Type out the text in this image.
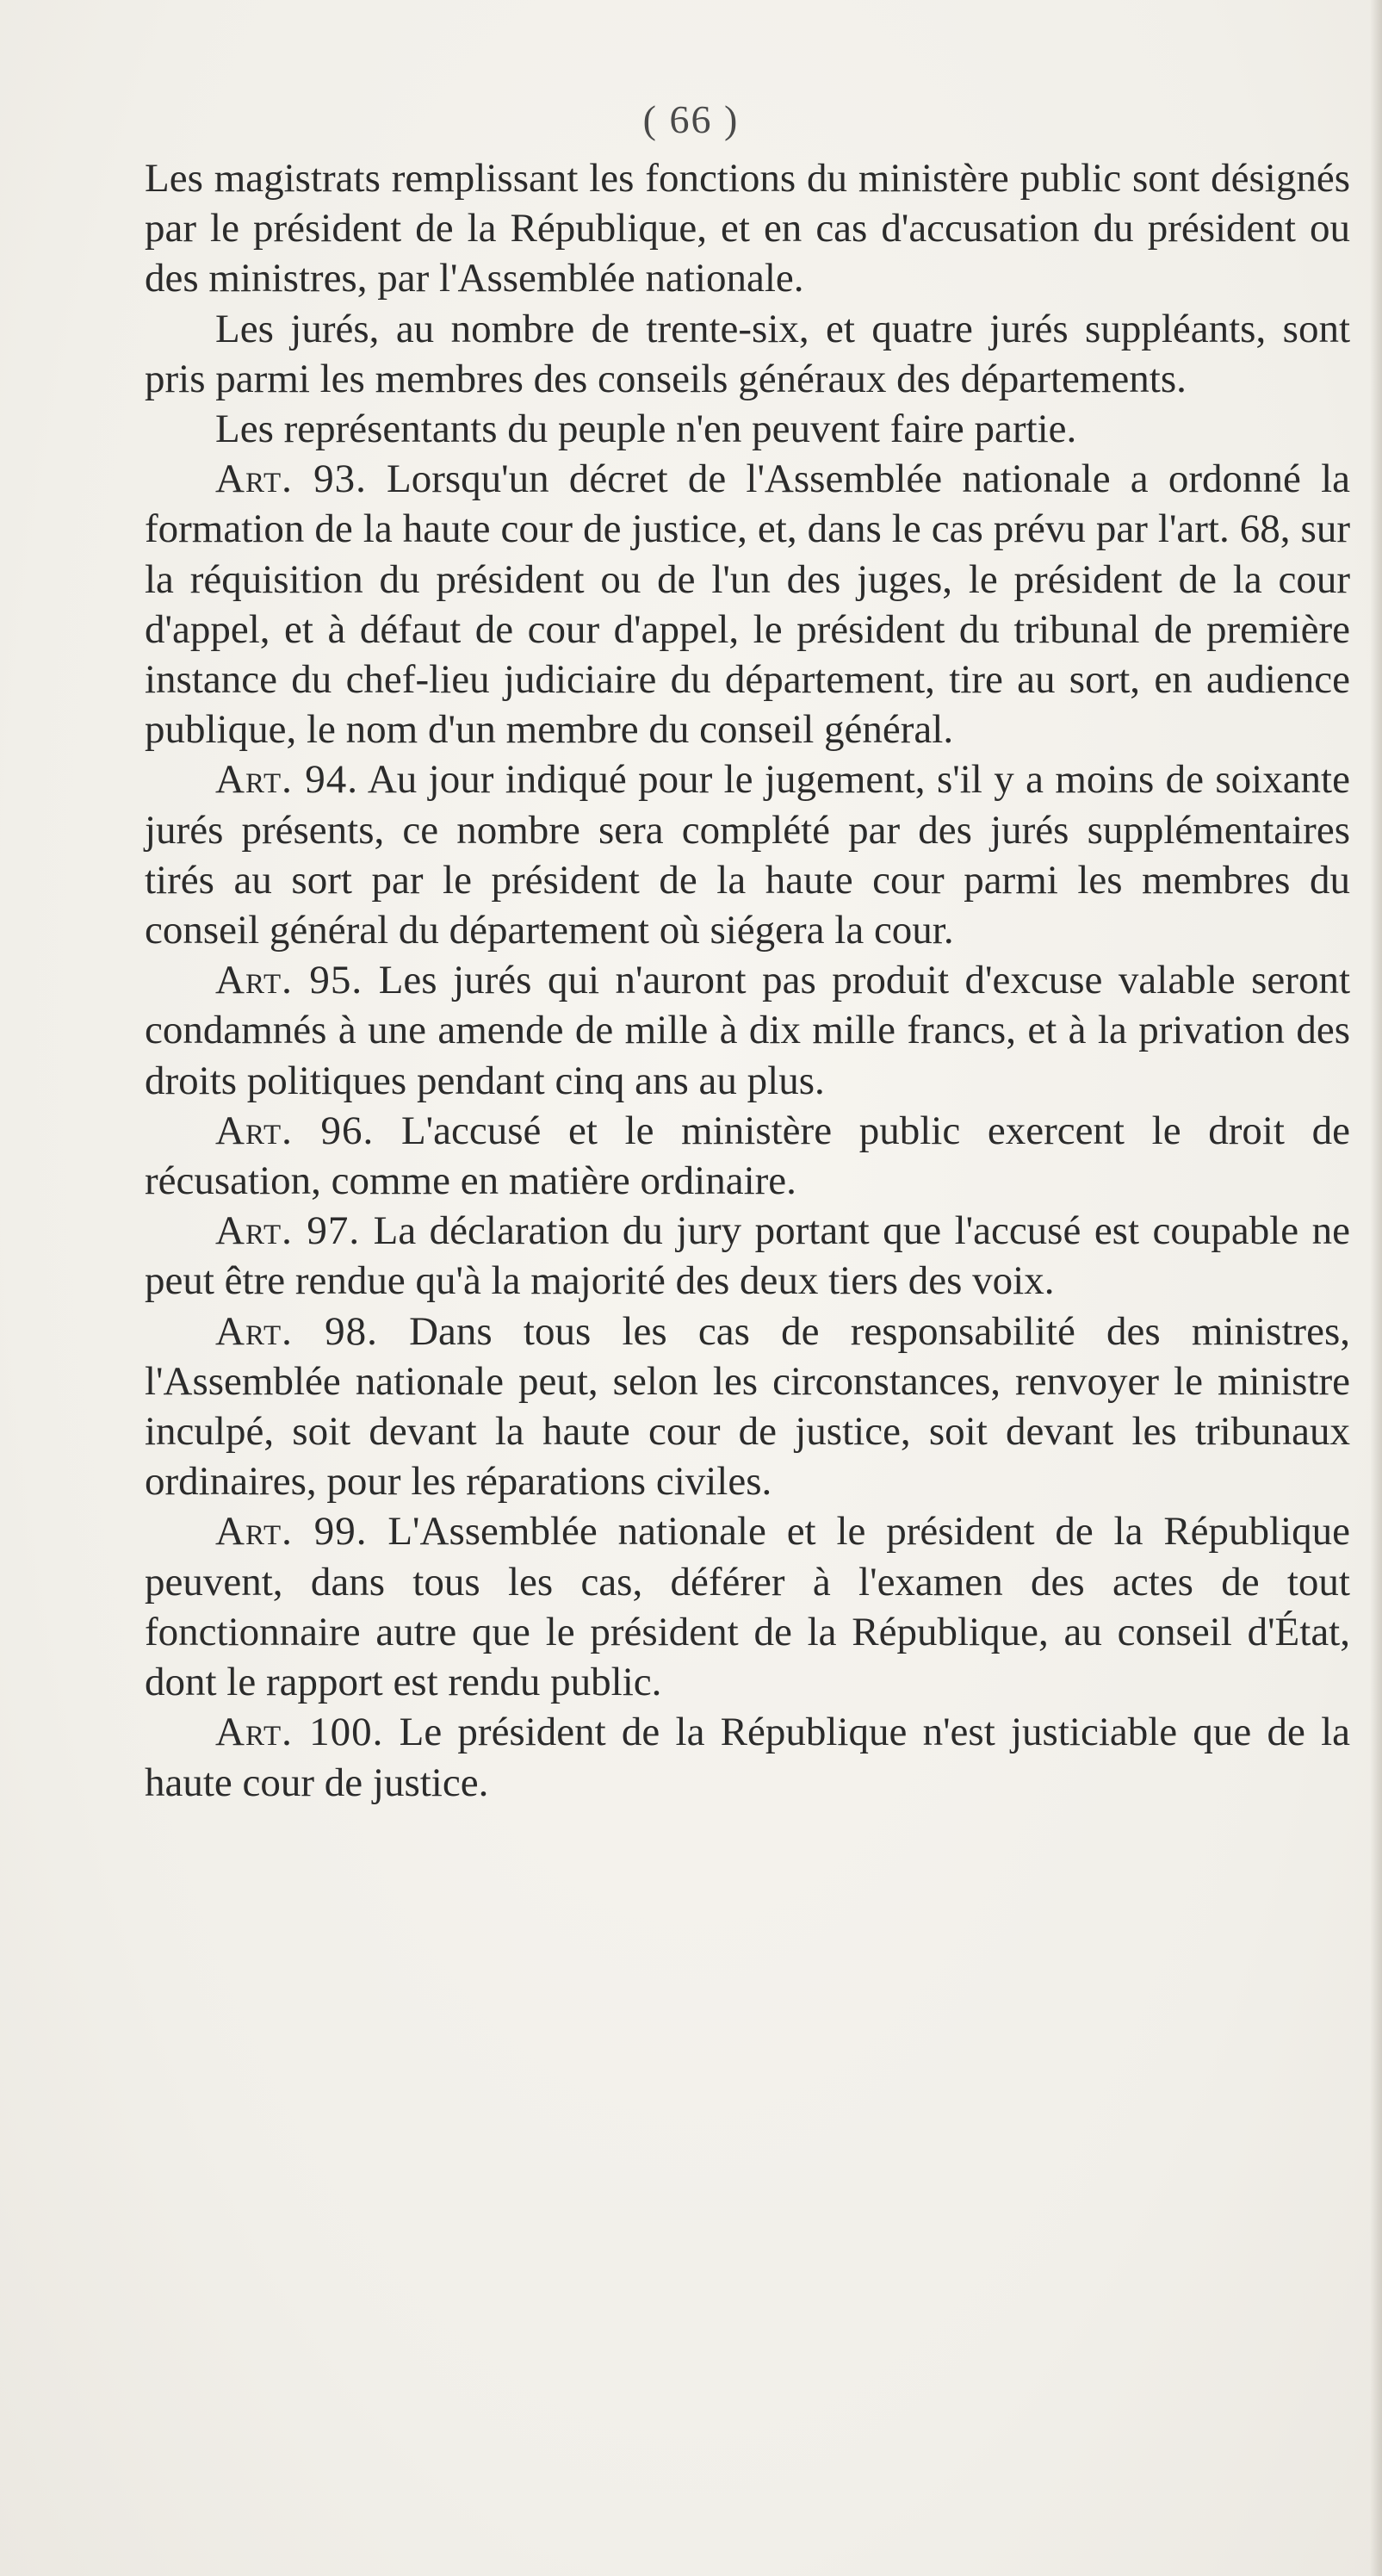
( 66 )

Les magistrats remplissant les fonctions du ministère public sont désignés par le président de la République, et en cas d'accusation du président ou des ministres, par l'Assemblée nationale.

Les jurés, au nombre de trente-six, et quatre jurés suppléants, sont pris parmi les membres des conseils généraux des départements.

Les représentants du peuple n'en peuvent faire partie.

Art. 93. Lorsqu'un décret de l'Assemblée nationale a ordonné la formation de la haute cour de justice, et, dans le cas prévu par l'art. 68, sur la réquisition du président ou de l'un des juges, le président de la cour d'appel, et à défaut de cour d'appel, le président du tribunal de première instance du chef-lieu judiciaire du département, tire au sort, en audience publique, le nom d'un membre du conseil général.

Art. 94. Au jour indiqué pour le jugement, s'il y a moins de soixante jurés présents, ce nombre sera complété par des jurés supplémentaires tirés au sort par le président de la haute cour parmi les membres du conseil général du département où siégera la cour.

Art. 95. Les jurés qui n'auront pas produit d'excuse valable seront condamnés à une amende de mille à dix mille francs, et à la privation des droits politiques pendant cinq ans au plus.

Art. 96. L'accusé et le ministère public exercent le droit de récusation, comme en matière ordinaire.

Art. 97. La déclaration du jury portant que l'accusé est coupable ne peut être rendue qu'à la majorité des deux tiers des voix.

Art. 98. Dans tous les cas de responsabilité des ministres, l'Assemblée nationale peut, selon les circonstances, renvoyer le ministre inculpé, soit devant la haute cour de justice, soit devant les tribunaux ordinaires, pour les réparations civiles.

Art. 99. L'Assemblée nationale et le président de la République peuvent, dans tous les cas, déférer à l'examen des actes de tout fonctionnaire autre que le président de la République, au conseil d'État, dont le rapport est rendu public.

Art. 100. Le président de la République n'est justiciable que de la haute cour de justice.
